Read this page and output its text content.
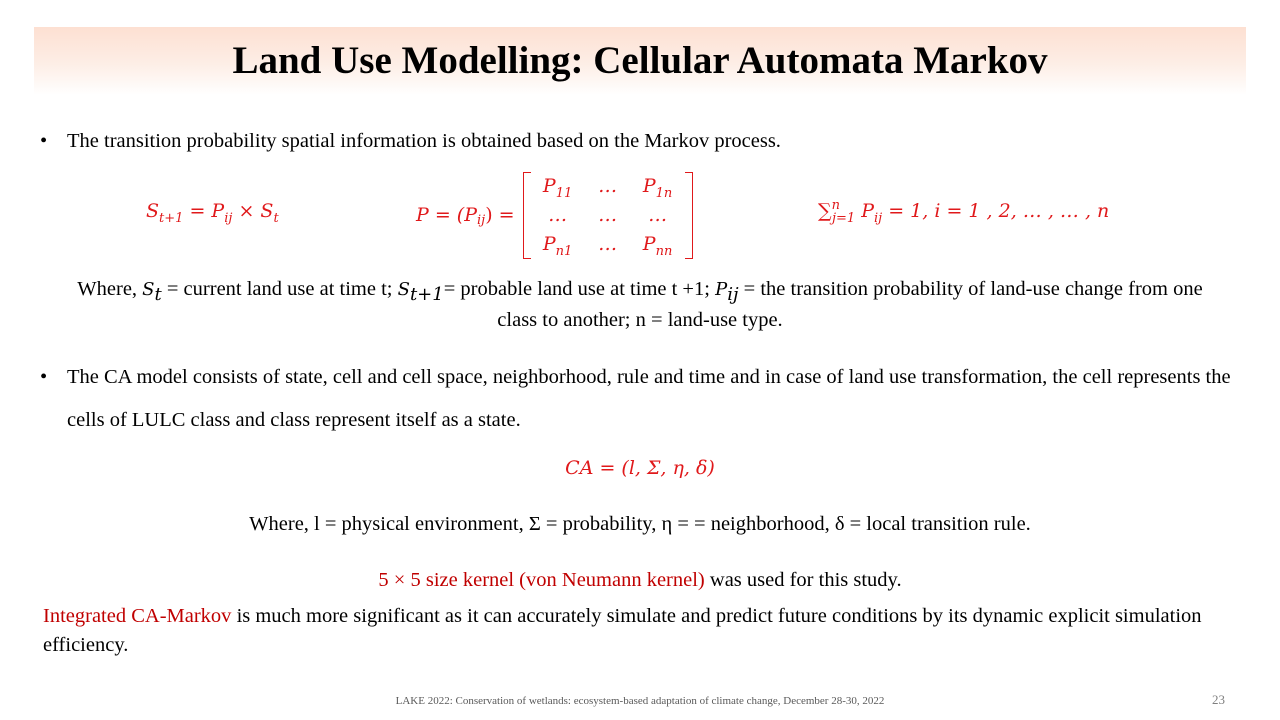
Land Use Modelling: Cellular Automata Markov
• The transition probability spatial information is obtained based on the Markov process.
$S_{t+1} = P_{ij} \times S_t$	P = (P ij ) =
$P_{11}$	…	$P_{1n}$
…	…	…
$P_{n1}$	…	$P_{nn}$
∑$^n_{j=1}$ $P_{ij} = 1$, i = 1 , 2, … , … , n
Where, St = current land use at time t; St+1= probable land use at time t +1; Pij = the transition probability of land-use change from one class to another; n = land-use type.
• The CA model consists of state, cell and cell space, neighborhood, rule and time and in case of land use transformation, the cell represents the cells of LULC class and class represent itself as a state.
CA = (l, Σ, η, δ)
Where, l = physical environment, Σ = probability, η = = neighborhood, δ = local transition rule.
5 × 5 size kernel (von Neumann kernel) was used for this study.
Integrated CA-Markov is much more significant as it can accurately simulate and predict future conditions by its dynamic explicit simulation efficiency.
LAKE 2022: Conservation of wetlands: ecosystem-based adaptation of climate change, December 28-30, 2022	23
